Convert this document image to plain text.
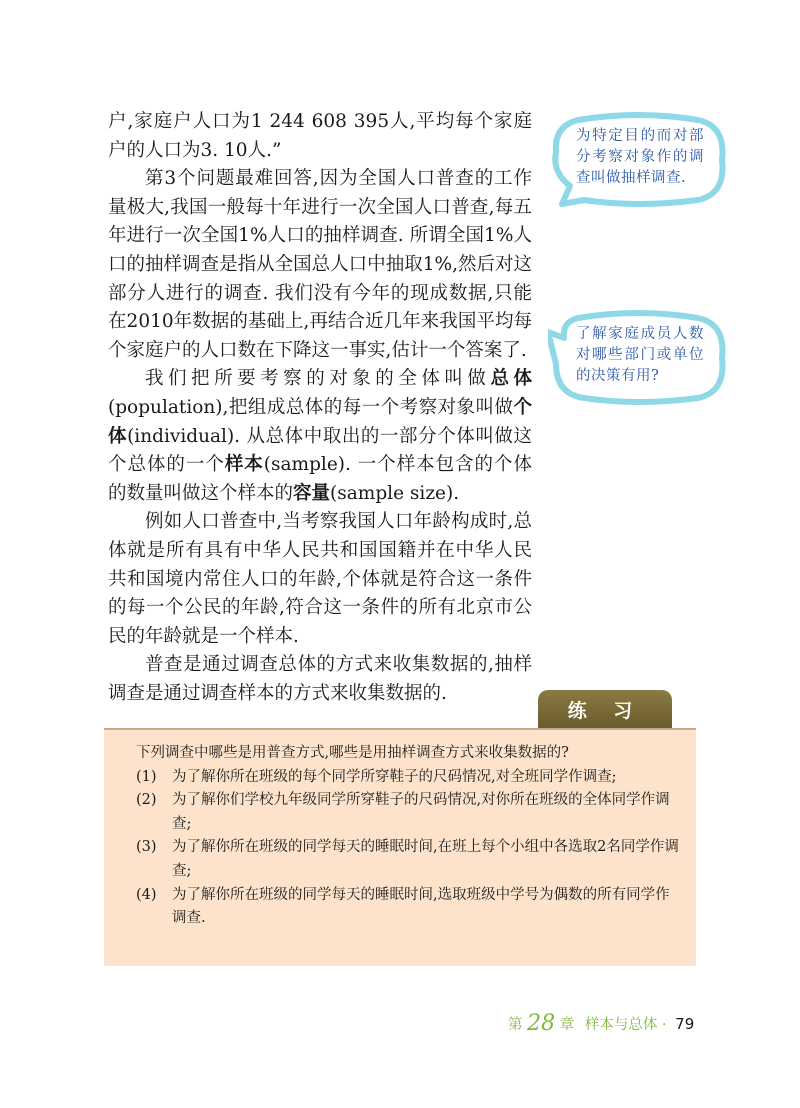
户,家庭户人口为1 244 608 395人,平均每个家庭户的人口为3. 10人.”

第3个问题最难回答,因为全国人口普查的工作量极大,我国一般每十年进行一次全国人口普查,每五年进行一次全国1%人口的抽样调查. 所谓全国1%人口的抽样调查是指从全国总人口中抽取1%,然后对这部分人进行的调查. 我们没有今年的现成数据,只能在2010年数据的基础上,再结合近几年来我国平均每个家庭户的人口数在下降这一事实,估计一个答案了.

我们把所要考察的对象的全体叫做总体(population),把组成总体的每一个考察对象叫做个体(individual). 从总体中取出的一部分个体叫做这个总体的一个样本(sample). 一个样本包含的个体的数量叫做这个样本的容量(sample size).

例如人口普查中,当考察我国人口年龄构成时,总体就是所有具有中华人民共和国国籍并在中华人民共和国境内常住人口的年龄,个体就是符合这一条件的每一个公民的年龄,符合这一条件的所有北京市公民的年龄就是一个样本.

普查是通过调查总体的方式来收集数据的,抽样调查是通过调查样本的方式来收集数据的.

为特定目的而对部分考察对象作的调查叫做抽样调查.
了解家庭成员人数对哪些部门或单位的决策有用?
练 习

下列调查中哪些是用普查方式,哪些是用抽样调查方式来收集数据的?

(1)	为了解你所在班级的每个同学所穿鞋子的尺码情况,对全班同学作调查;
(2)	为了解你们学校九年级同学所穿鞋子的尺码情况,对你所在班级的全体同学作调查;
(3)	为了解你所在班级的同学每天的睡眠时间,在班上每个小组中各选取2名同学作调查;
(4)	为了解你所在班级的同学每天的睡眠时间,选取班级中学号为偶数的所有同学作调查.
第 28 章 样本与总体 · 79
